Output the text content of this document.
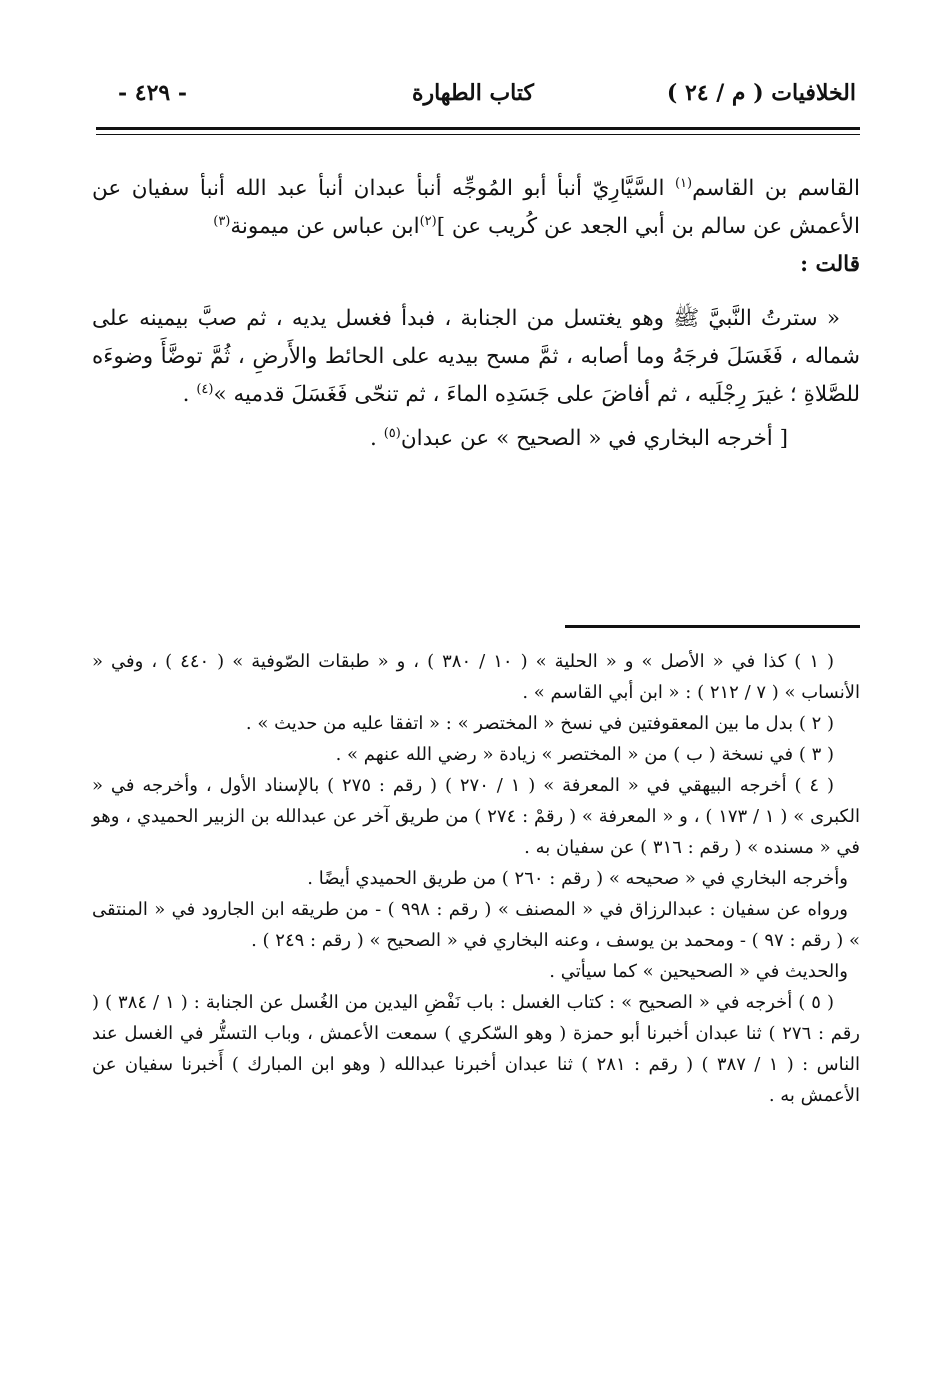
الخلافيات ( م / ٢٤ )
كتاب الطهارة
- ٤٢٩ -

القاسم بن القاسم$^{(١)}$ السَّيَّارِيّ أنبأ أبو المُوجِّه أنبأ عبدان أنبأ عبد الله أنبأ سفيان عن الأعمش عن سالم بن أبي الجعد عن كُريب عن ]$^{(٢)}$ابن عباس عن ميمونة$^{(٣)}$

قالت :

« سترتُ النَّبيَّ ﷺ وهو يغتسل من الجنابة ، فبدأ فغسل يديه ، ثم صبَّ بيمينه على شماله ، فَغَسَلَ فرجَهُ وما أصابه ، ثمَّ مسح بيديه على الحائط والأَرضِ ، ثُمَّ توضَّأَ وضوءَه للصَّلاةِ ؛ غيرَ رِجْلَيه ، ثم أفاضَ على جَسَدِه الماءَ ، ثم تنحّى فَغَسَلَ قدميه »$^{(٤)}$ .

[ أخرجه البخاري في « الصحيح » عن عبدان$^{(٥)}$ .

( ١ ) كذا في « الأصل » و « الحلية » ( ١٠ / ٣٨٠ ) ، و « طبقات الصّوفية » ( ٤٤٠ ) ، وفي « الأنساب » ( ٧ / ٢١٢ ) : « ابن أبي القاسم » .

( ٢ ) بدل ما بين المعقوفتين في نسخ « المختصر » : « اتفقا عليه من حديث » .

( ٣ ) في نسخة ( ب ) من « المختصر » زيادة « رضي الله عنهم » .

( ٤ ) أخرجه البيهقي في « المعرفة » ( ١ / ٢٧٠ ) ( رقم : ٢٧٥ ) بالإسناد الأول ، وأخرجه في « الكبرى » ( ١ / ١٧٣ ) ، و « المعرفة » ( رقمْ : ٢٧٤ ) من طريق آخر عن عبدالله بن الزبير الحميدي ، وهو في « مسنده » ( رقم : ٣١٦ ) عن سفيان به .

وأخرجه البخاري في « صحيحه » ( رقم : ٢٦٠ ) من طريق الحميدي أيضًا .

ورواه عن سفيان : عبدالرزاق في « المصنف » ( رقم : ٩٩٨ ) - من طريقه ابن الجارود في « المنتقى » ( رقم : ٩٧ ) - ومحمد بن يوسف ، وعنه البخاري في « الصحيح » ( رقم : ٢٤٩ ) .

والحديث في « الصحيحين » كما سيأتي .

( ٥ ) أخرجه في « الصحيح » : كتاب الغسل : باب نَفْضِ اليدين من الغُسل عن الجنابة : ( ١ / ٣٨٤ ) ( رقم : ٢٧٦ ) ثنا عبدان أخبرنا أبو حمزة ( وهو السّكري ) سمعت الأعمش ، وباب التستُّر في الغسل عند الناس : ( ١ / ٣٨٧ ) ( رقم : ٢٨١ ) ثنا عبدان أخبرنا عبدالله ( وهو ابن المبارك ) أَخبرنا سفيان عن الأعمش به .
